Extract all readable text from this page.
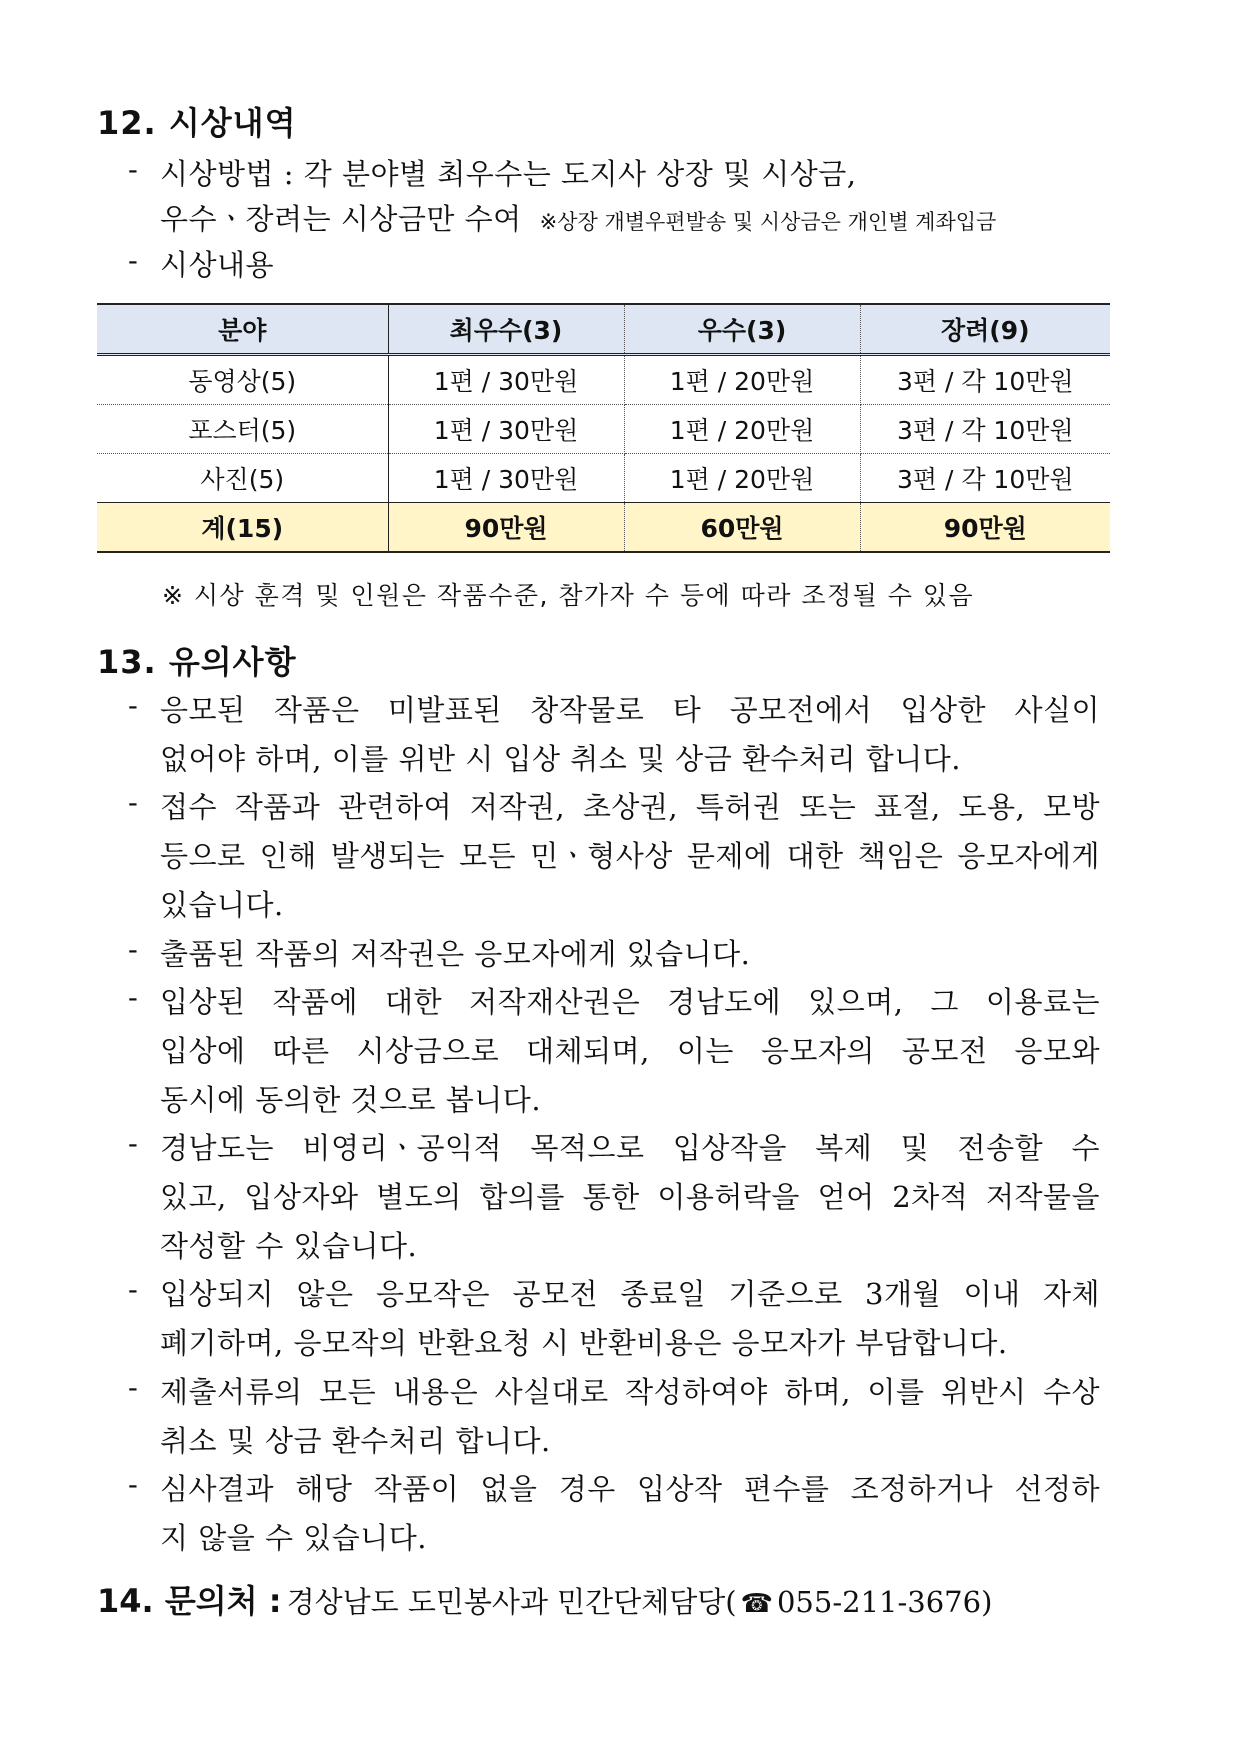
12. 시상내역
- 시상방법 : 각 분야별 최우수는 도지사 상장 및 시상금,
우수ㆍ장려는 시상금만 수여 ※상장 개별우편발송 및 시상금은 개인별 계좌입금
- 시상내용
분야	최우수(3)	우수(3)	장려(9)
동영상(5)	1편 / 30만원	1편 / 20만원	3편 / 각 10만원
포스터(5)	1편 / 30만원	1편 / 20만원	3편 / 각 10만원
사진(5)	1편 / 30만원	1편 / 20만원	3편 / 각 10만원
계(15)	90만원	60만원	90만원
※ 시상 훈격 및 인원은 작품수준, 참가자 수 등에 따라 조정될 수 있음
13. 유의사항
- 응모된 작품은 미발표된 창작물로 타 공모전에서 입상한 사실이
없어야 하며, 이를 위반 시 입상 취소 및 상금 환수처리 합니다.
- 접수 작품과 관련하여 저작권, 초상권, 특허권 또는 표절, 도용, 모방
등으로 인해 발생되는 모든 민ㆍ형사상 문제에 대한 책임은 응모자에게
있습니다.
- 출품된 작품의 저작권은 응모자에게 있습니다.
- 입상된 작품에 대한 저작재산권은 경남도에 있으며, 그 이용료는
입상에 따른 시상금으로 대체되며, 이는 응모자의 공모전 응모와
동시에 동의한 것으로 봅니다.
- 경남도는 비영리ㆍ공익적 목적으로 입상작을 복제 및 전송할 수
있고, 입상자와 별도의 합의를 통한 이용허락을 얻어 2차적 저작물을
작성할 수 있습니다.
- 입상되지 않은 응모작은 공모전 종료일 기준으로 3개월 이내 자체
폐기하며, 응모작의 반환요청 시 반환비용은 응모자가 부담합니다.
- 제출서류의 모든 내용은 사실대로 작성하여야 하며, 이를 위반시 수상
취소 및 상금 환수처리 합니다.
- 심사결과 해당 작품이 없을 경우 입상작 편수를 조정하거나 선정하
지 않을 수 있습니다.
14. 문의처 : 경상남도 도민봉사과 민간단체담당( ☎ 055-211-3676)
